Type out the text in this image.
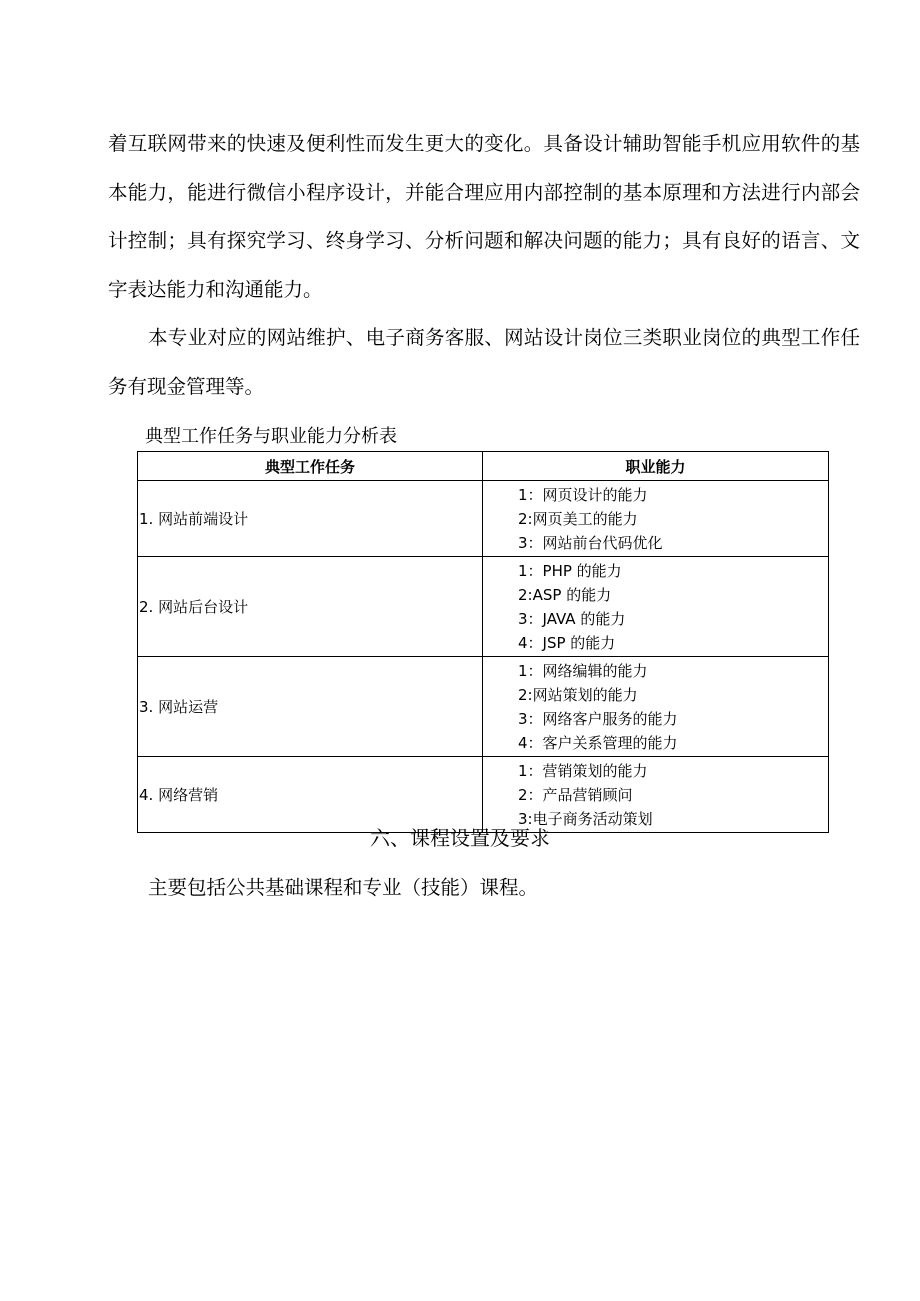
着互联网带来的快速及便利性而发生更大的变化。具备设计辅助智能手机应用软件的基本能力，能进行微信小程序设计，并能合理应用内部控制的基本原理和方法进行内部会计控制；具有探究学习、终身学习、分析问题和解决问题的能力；具有良好的语言、文字表达能力和沟通能力。

本专业对应的网站维护、电子商务客服、网站设计岗位三类职业岗位的典型工作任务有现金管理等。

典型工作任务与职业能力分析表
典型工作任务	职业能力
1. 网站前端设计	1：网页设计的能力
2:网页美工的能力
3：网站前台代码优化

2. 网站后台设计	1：PHP 的能力
2:ASP 的能力
3：JAVA 的能力
4：JSP 的能力

3. 网站运营	1：网络编辑的能力
2:网站策划的能力
3：网络客户服务的能力
4：客户关系管理的能力

4. 网络营销	1：营销策划的能力
2：产品营销顾问
3:电子商务活动策划
六、课程设置及要求
主要包括公共基础课程和专业（技能）课程。
